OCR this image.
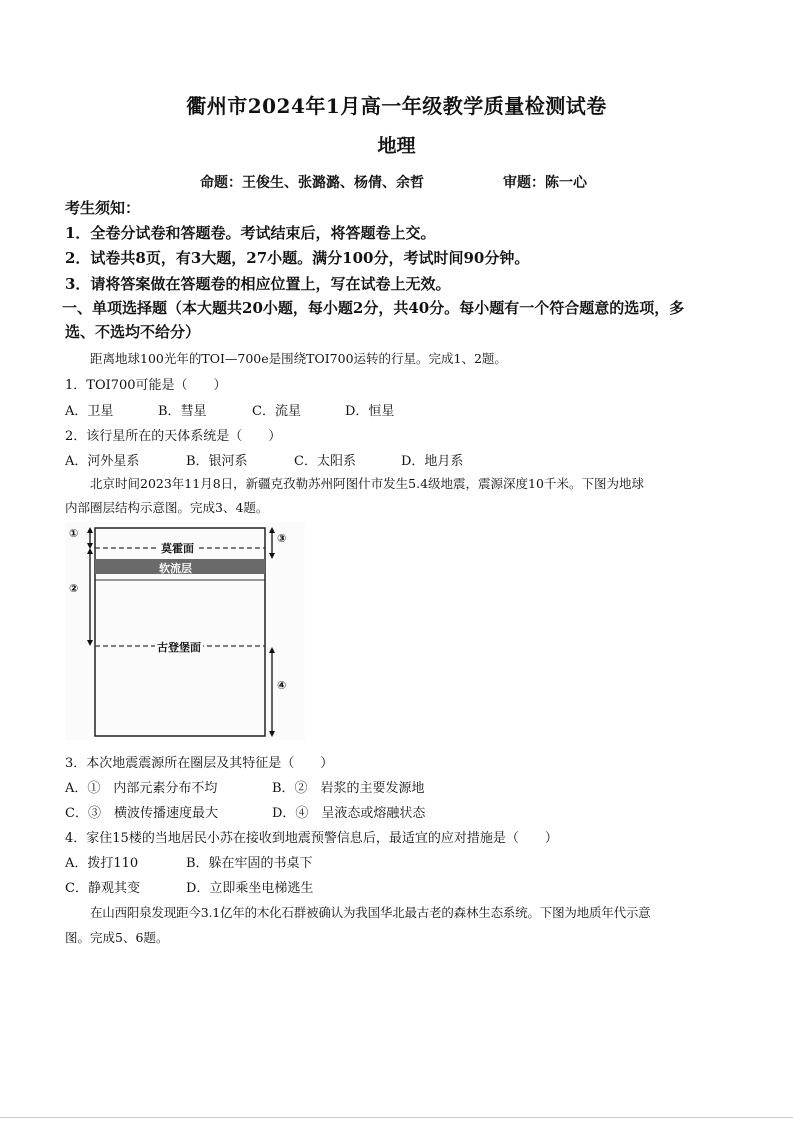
衢州市2024年1月高一年级教学质量检测试卷
地理
命题：王俊生、张潞潞、杨倩、余哲	审题：陈一心
考生须知：
1．全卷分试卷和答题卷。考试结束后，将答题卷上交。
2．试卷共8页，有3大题，27小题。满分100分，考试时间90分钟。
3．请将答案做在答题卷的相应位置上，写在试卷上无效。
一、单项选择题（本大题共20小题，每小题2分，共40分。每小题有一个符合题意的选项，多
选、不选均不给分）
距离地球100光年的TOI—700e是围绕TOI700运转的行星。完成1、2题。
1．TOI700可能是（　　）
A．卫星	B．彗星	C．流星	D．恒星
2．该行星所在的天体系统是（　　）
A．河外星系	B．银河系	C．太阳系	D．地月系
北京时间2023年11月8日，新疆克孜勒苏州阿图什市发生5.4级地震，震源深度10千米。下图为地球
内部圈层结构示意图。完成3、4题。
①
②
③
④
莫霍面
软流层
古登堡面
3．本次地震震源所在圈层及其特征是（　　）
A．①　内部元素分布不均	B．②　岩浆的主要发源地
C．③　横波传播速度最大	D．④　呈液态或熔融状态
4．家住15楼的当地居民小苏在接收到地震预警信息后，最适宜的应对措施是（　　）
A．拨打110	B．躲在牢固的书桌下
C．静观其变	D．立即乘坐电梯逃生
在山西阳泉发现距今3.1亿年的木化石群被确认为我国华北最古老的森林生态系统。下图为地质年代示意
图。完成5、6题。
